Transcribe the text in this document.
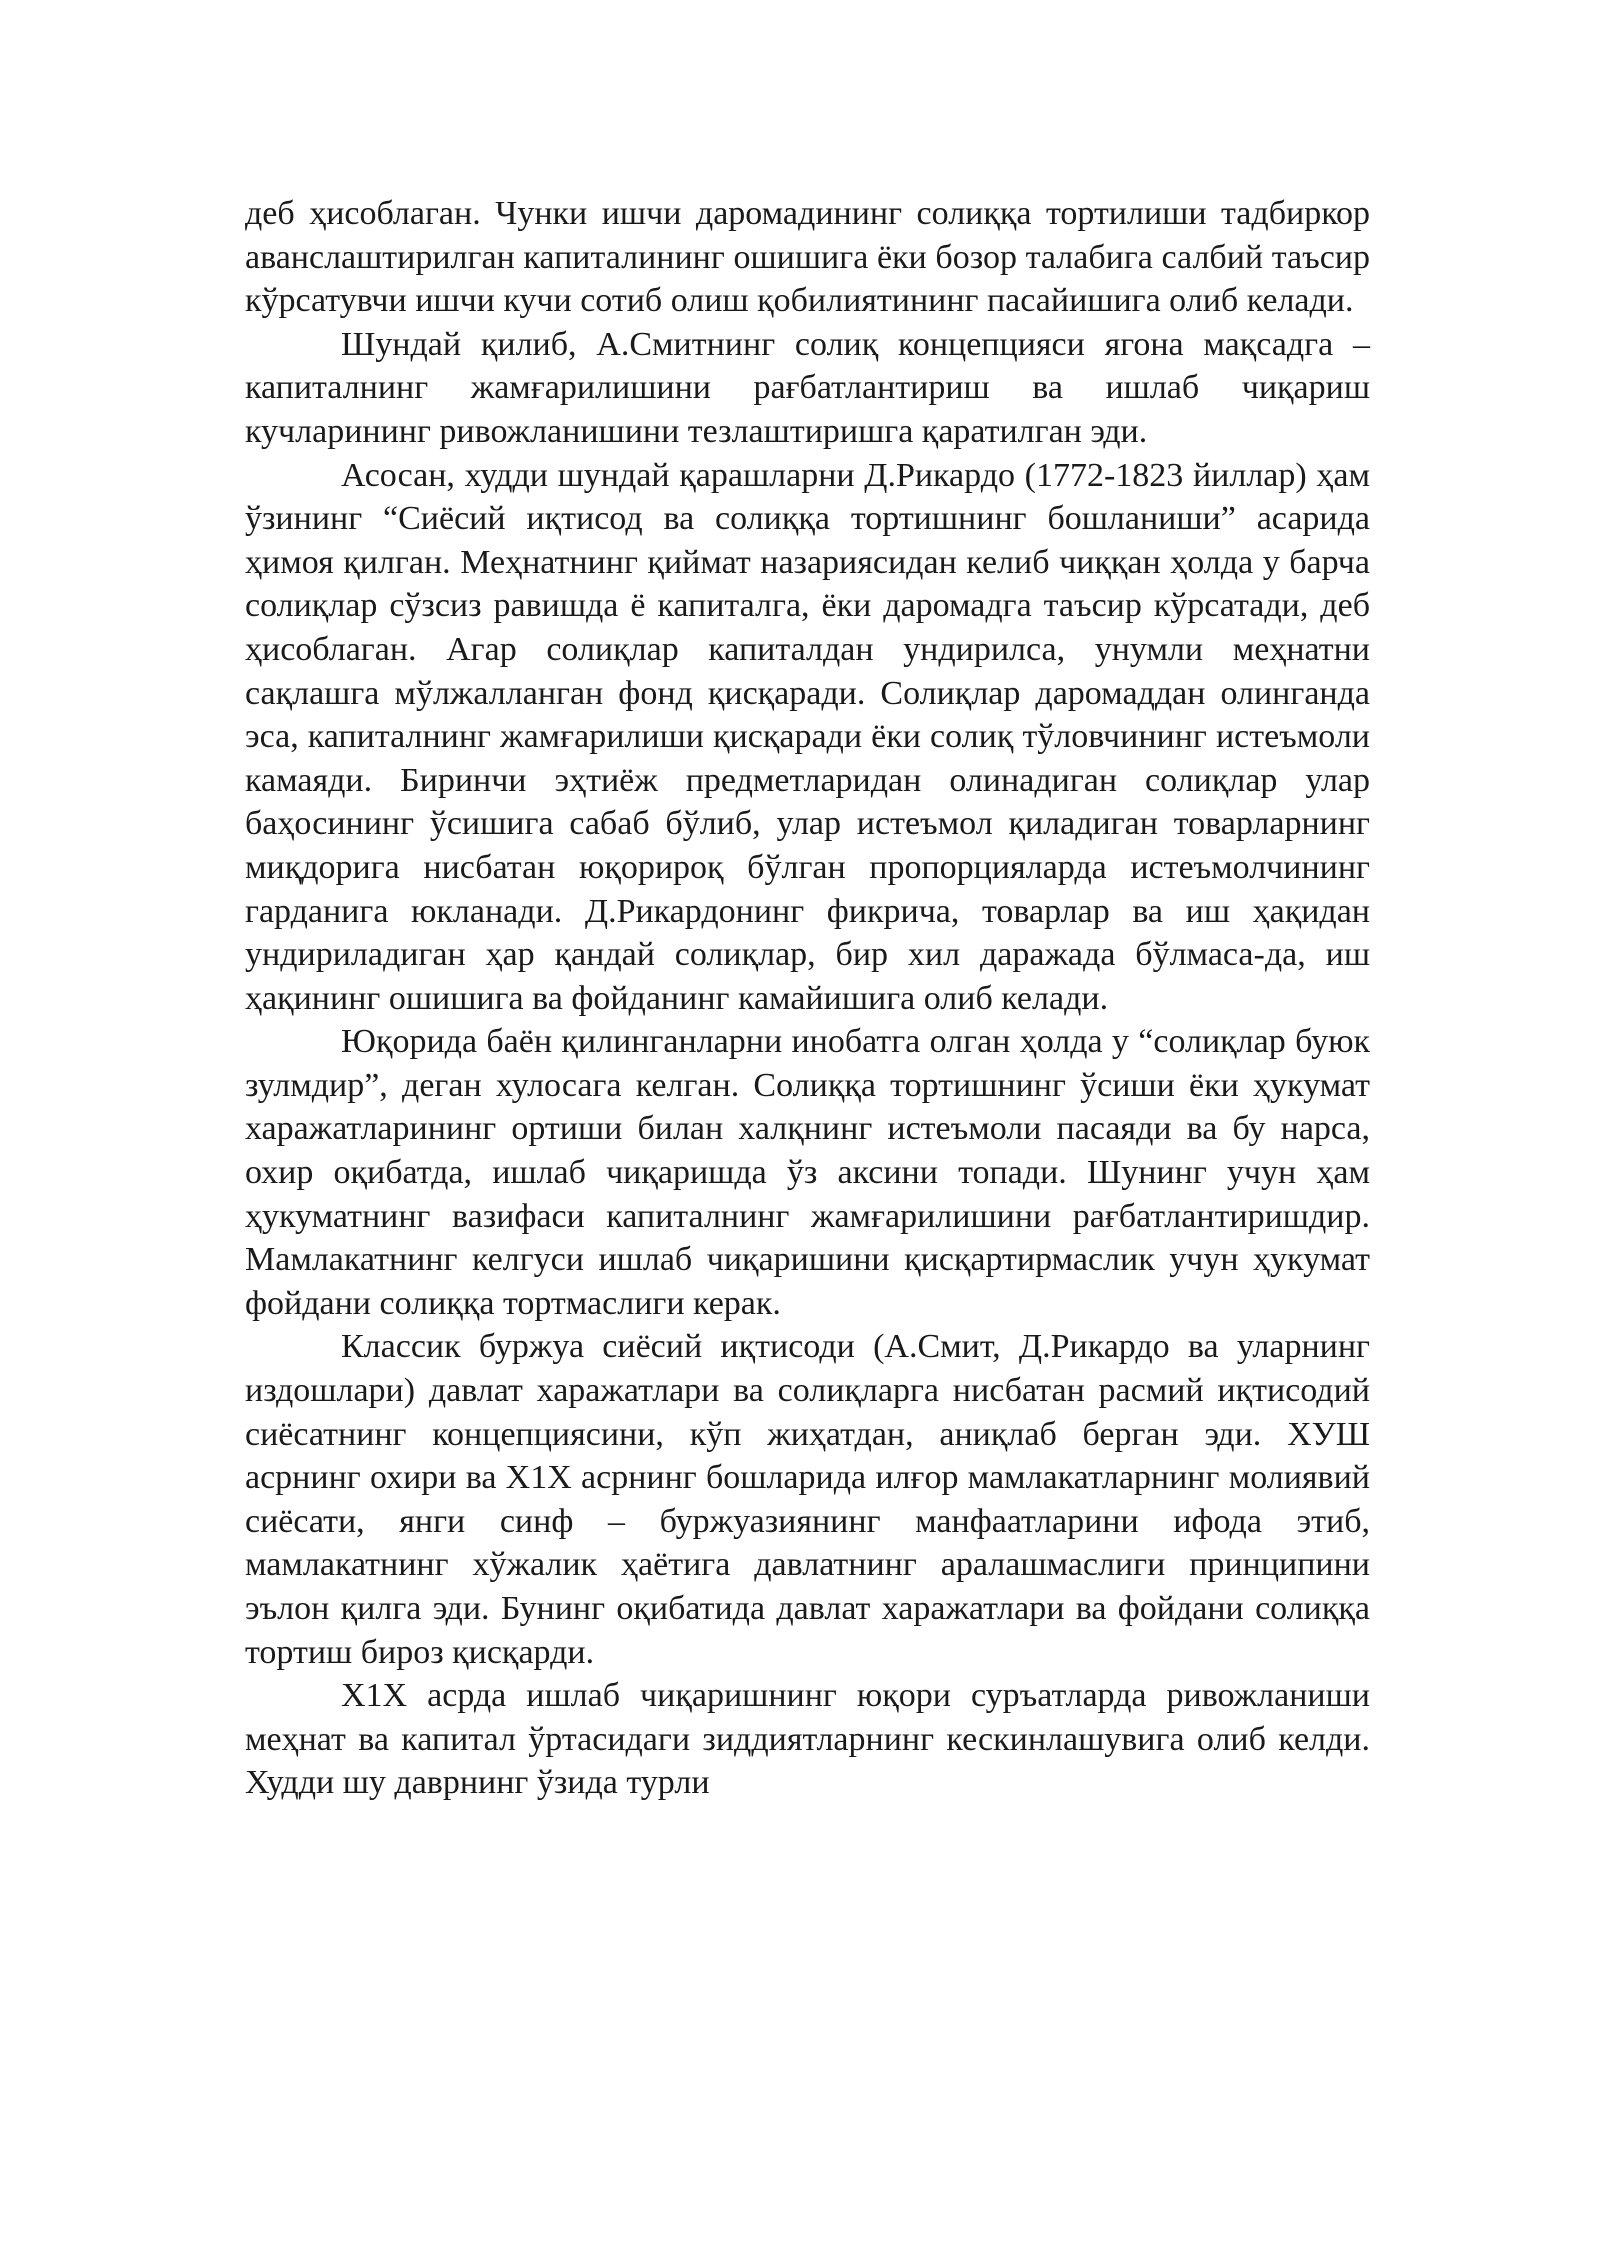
деб ҳисоблаган. Чунки ишчи даромадининг солиққа тортилиши тадбиркор аванслаштирилган капиталининг ошишига ёки бозор талабига салбий таъсир кўрсатувчи ишчи кучи сотиб олиш қобилиятининг пасайишига олиб келади.

Шундай қилиб, А.Смитнинг солиқ концепцияси ягона мақсадга – капиталнинг жамғарилишини рағбатлантириш ва ишлаб чиқариш кучларининг ривожланишини тезлаштиришга қаратилган эди.

Асосан, худди шундай қарашларни Д.Рикардо (1772-1823 йиллар) ҳам ўзининг “Сиёсий иқтисод ва солиққа тортишнинг бошланиши” асарида ҳимоя қилган. Меҳнатнинг қиймат назариясидан келиб чиққан ҳолда у барча солиқлар сўзсиз равишда ё капиталга, ёки даромадга таъсир кўрсатади, деб ҳисоблаган. Агар солиқлар капиталдан ундирилса, унумли меҳнатни сақлашга мўлжалланган фонд қисқаради. Солиқлар даромаддан олинганда эса, капиталнинг жамғарилиши қисқаради ёки солиқ тўловчининг истеъмоли камаяди. Биринчи эҳтиёж предметларидан олинадиган солиқлар улар баҳосининг ўсишига сабаб бўлиб, улар истеъмол қиладиган товарларнинг миқдорига нисбатан юқорироқ бўлган пропорцияларда истеъмолчининг гарданига юкланади. Д.Рикардонинг фикрича, товарлар ва иш ҳақидан ундириладиган ҳар қандай солиқлар, бир хил даражада бўлмаса-да, иш ҳақининг ошишига ва фойданинг камайишига олиб келади.

Юқорида баён қилинганларни инобатга олган ҳолда у “солиқлар буюк зулмдир”, деган хулосага келган. Солиққа тортишнинг ўсиши ёки ҳукумат харажатларининг ортиши билан халқнинг истеъмоли пасаяди ва бу нарса, охир оқибатда, ишлаб чиқаришда ўз аксини топади. Шунинг учун ҳам ҳукуматнинг вазифаси капиталнинг жамғарилишини рағбатлантиришдир. Мамлакатнинг келгуси ишлаб чиқаришини қисқартирмаслик учун ҳукумат фойдани солиққа тортмаслиги керак.

Классик буржуа сиёсий иқтисоди (А.Смит, Д.Рикардо ва уларнинг издошлари) давлат харажатлари ва солиқларга нисбатан расмий иқтисодий сиёсатнинг концепциясини, кўп жиҳатдан, аниқлаб берган эди. ХУШ асрнинг охири ва Х1Х асрнинг бошларида илғор мамлакатларнинг молиявий сиёсати, янги синф – буржуазиянинг манфаатларини ифода этиб, мамлакатнинг хўжалик ҳаётига давлатнинг аралашмаслиги принципини эълон қилга эди. Бунинг оқибатида давлат харажатлари ва фойдани солиққа тортиш бироз қисқарди.

Х1Х асрда ишлаб чиқаришнинг юқори суръатларда ривожланиши меҳнат ва капитал ўртасидаги зиддиятларнинг кескинлашувига олиб келди. Худди шу даврнинг ўзида турли
